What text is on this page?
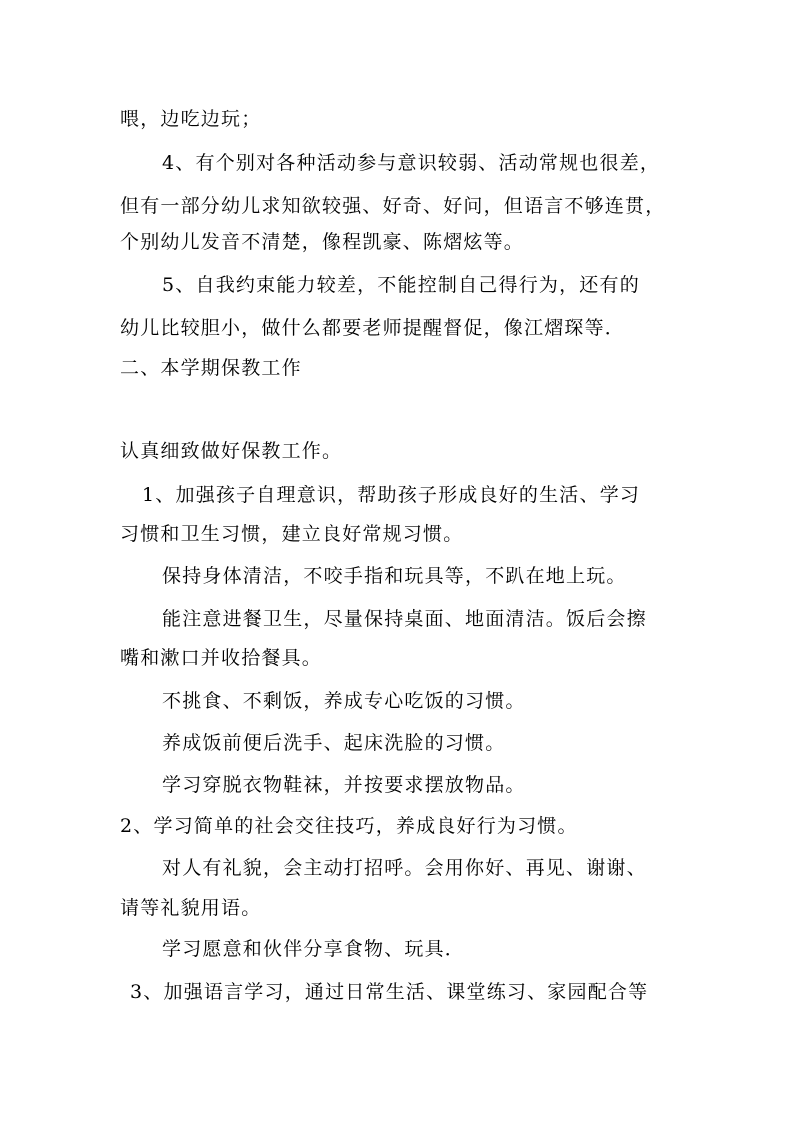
喂，边吃边玩；
4、有个别对各种活动参与意识较弱、活动常规也很差，
但有一部分幼儿求知欲较强、好奇、好问，但语言不够连贯，
个别幼儿发音不清楚，像程凯豪、陈熠炫等。
5、自我约束能力较差，不能控制自己得行为，还有的
幼儿比较胆小，做什么都要老师提醒督促，像江熠琛等．
二、本学期保教工作
认真细致做好保教工作。
1、加强孩子自理意识，帮助孩子形成良好的生活、学习
习惯和卫生习惯，建立良好常规习惯。
保持身体清洁，不咬手指和玩具等，不趴在地上玩。
能注意进餐卫生，尽量保持桌面、地面清洁。饭后会擦
嘴和漱口并收拾餐具。
不挑食、不剩饭，养成专心吃饭的习惯。
养成饭前便后洗手、起床洗脸的习惯。
学习穿脱衣物鞋袜，并按要求摆放物品。
2、学习简单的社会交往技巧，养成良好行为习惯。
对人有礼貌，会主动打招呼。会用你好、再见、谢谢、
请等礼貌用语。
学习愿意和伙伴分享食物、玩具．
3、加强语言学习，通过日常生活、课堂练习、家园配合等
